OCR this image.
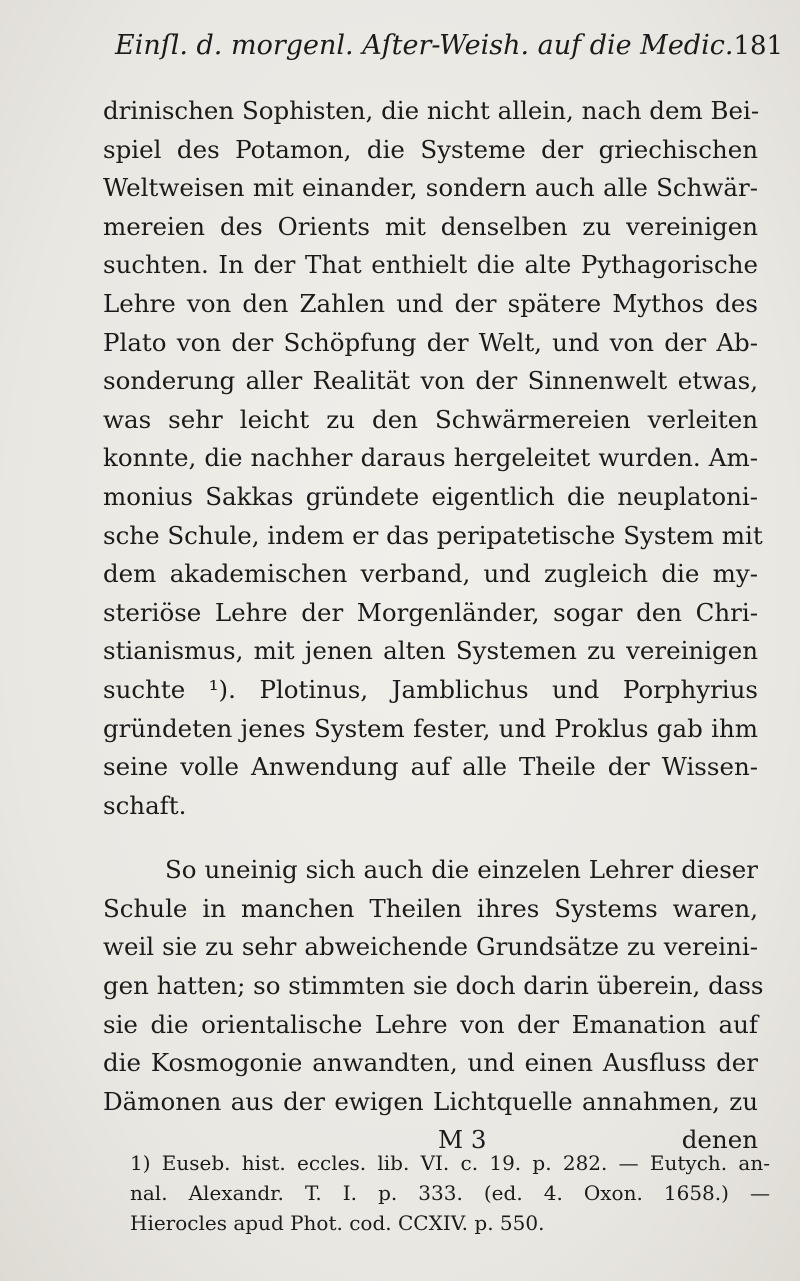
Einſl. d. morgenl. Aſter-Weish. auf die Medic. 181
drinischen Sophisten, die nicht allein, nach dem Bei-
spiel des Potamon, die Systeme der griechischen
Weltweisen mit einander, sondern auch alle Schwär-
mereien des Orients mit denselben zu vereinigen
suchten. In der That enthielt die alte Pythagorische
Lehre von den Zahlen und der spätere Mythos des
Plato von der Schöpfung der Welt, und von der Ab-
sonderung aller Realität von der Sinnenwelt etwas,
was sehr leicht zu den Schwärmereien verleiten
konnte, die nachher daraus hergeleitet wurden. Am-
monius Sakkas gründete eigentlich die neuplatoni-
sche Schule, indem er das peripatetische System mit
dem akademischen verband, und zugleich die my-
steriöse Lehre der Morgenländer, sogar den Chri-
stianismus, mit jenen alten Systemen zu vereinigen
suchte ¹). Plotinus, Jamblichus und Porphyrius
gründeten jenes System fester, und Proklus gab ihm
seine volle Anwendung auf alle Theile der Wissen-
schaft.
So uneinig sich auch die einzelen Lehrer dieser
Schule in manchen Theilen ihres Systems waren,
weil sie zu sehr abweichende Grundsätze zu vereini-
gen hatten; so stimmten sie doch darin überein, dass
sie die orientalische Lehre von der Emanation auf
die Kosmogonie anwandten, und einen Ausfluss der
Dämonen aus der ewigen Lichtquelle annahmen, zu
M 3	denen
1) Euseb. hist. eccles. lib. VI. c. 19. p. 282. — Eutych. an-
nal. Alexandr. T. I. p. 333. (ed. 4. Oxon. 1658.) —
Hierocles apud Phot. cod. CCXIV. p. 550.
